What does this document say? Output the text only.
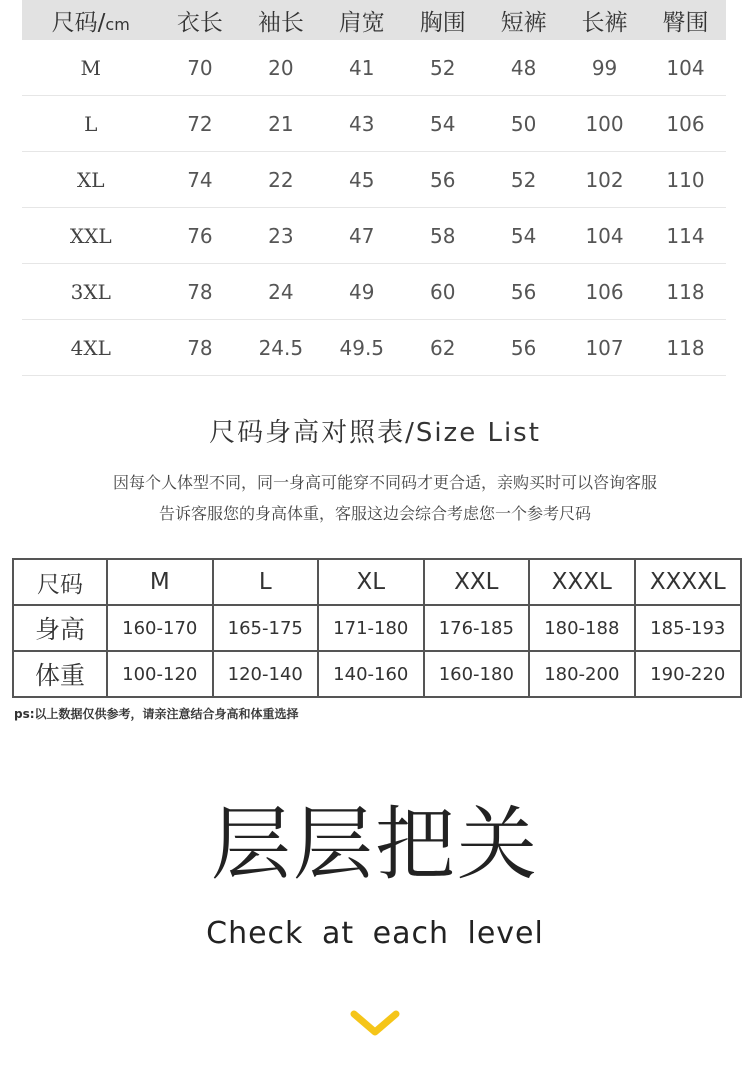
尺码/cm	衣长	袖长	肩宽	胸围	短裤	长裤	臀围
M	70	20	41	52	48	99	104
L	72	21	43	54	50	100	106
XL	74	22	45	56	52	102	110
XXL	76	23	47	58	54	104	114
3XL	78	24	49	60	56	106	118
4XL	78	24.5	49.5	62	56	107	118
尺码身高对照表/Size List
因每个人体型不同，同一身高可能穿不同码才更合适，亲购买时可以咨询客服
告诉客服您的身高体重，客服这边会综合考虑您一个参考尺码
尺码	M	L	XL	XXL	XXXL	XXXXL
身高	160-170	165-175	171-180	176-185	180-188	185-193
体重	100-120	120-140	140-160	160-180	180-200	190-220
ps:以上数据仅供参考，请亲注意结合身高和体重选择
层层把关
Check at each level
